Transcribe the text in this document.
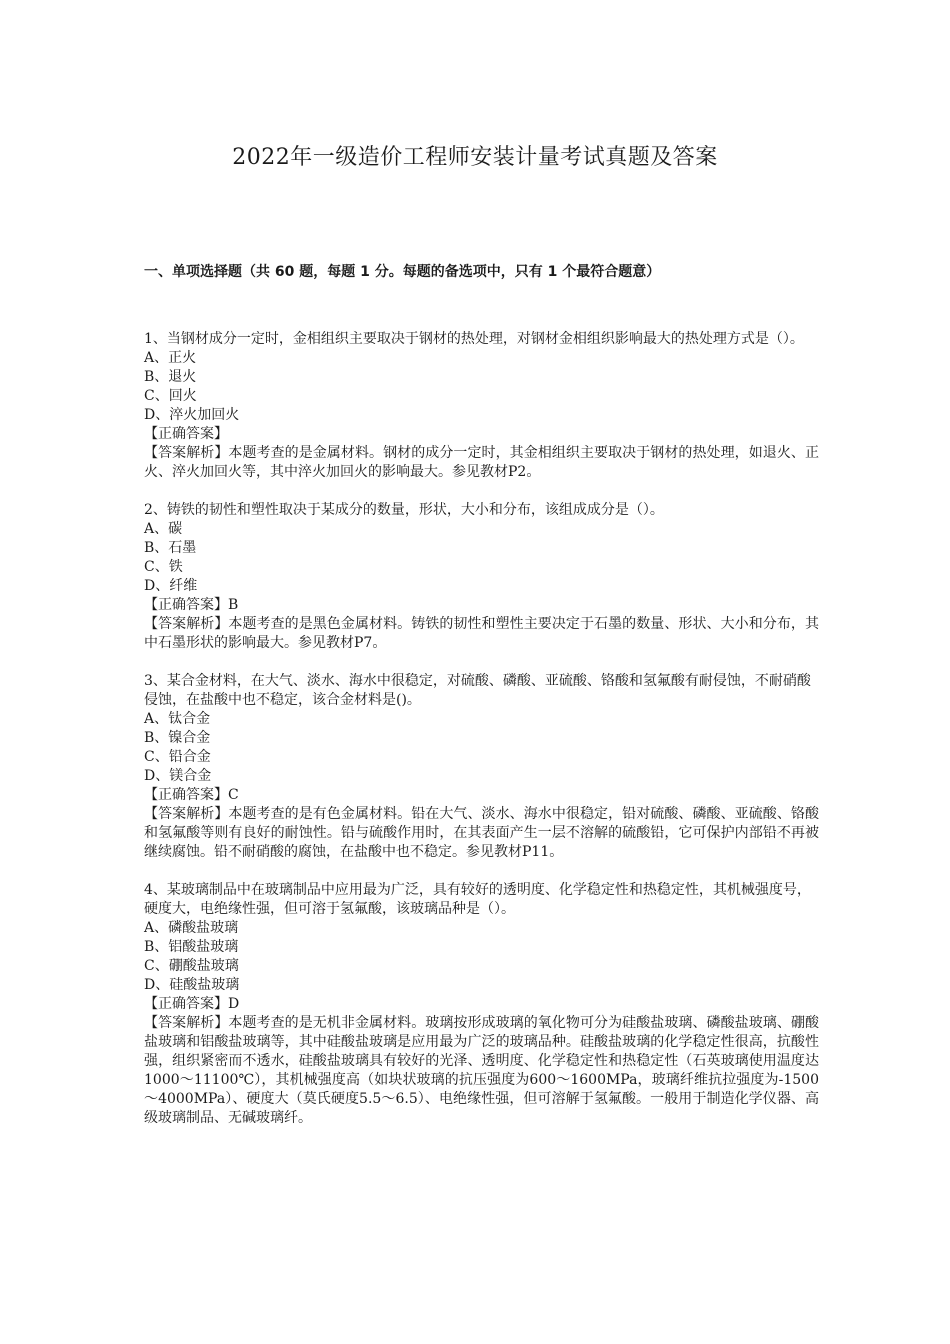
2022年一级造价工程师安装计量考试真题及答案
一、单项选择题（共 60 题，每题 1 分。每题的备选项中，只有 1 个最符合题意）
1、当钢材成分一定时，金相组织主要取决于钢材的热处理，对钢材金相组织影响最大的热处理方式是（）。
A、正火
B、退火
C、回火
D、淬火加回火
【正确答案】
【答案解析】本题考查的是金属材料。钢材的成分一定时，其金相组织主要取决于钢材的热处理，如退火、正火、淬火加回火等，其中淬火加回火的影响最大。参见教材P2。
2、铸铁的韧性和塑性取决于某成分的数量，形状，大小和分布，该组成成分是（）。
A、碳
B、石墨
C、铁
D、纤维
【正确答案】B
【答案解析】本题考查的是黑色金属材料。铸铁的韧性和塑性主要决定于石墨的数量、形状、大小和分布，其中石墨形状的影响最大。参见教材P7。
3、某合金材料，在大气、淡水、海水中很稳定，对硫酸、磷酸、亚硫酸、铬酸和氢氟酸有耐侵蚀，不耐硝酸侵蚀，在盐酸中也不稳定，该合金材料是()。
A、钛合金
B、镍合金
C、铅合金
D、镁合金
【正确答案】C
【答案解析】本题考查的是有色金属材料。铅在大气、淡水、海水中很稳定，铅对硫酸、磷酸、亚硫酸、铬酸和氢氟酸等则有良好的耐蚀性。铅与硫酸作用时，在其表面产生一层不溶解的硫酸铅，它可保护内部铅不再被继续腐蚀。铅不耐硝酸的腐蚀，在盐酸中也不稳定。参见教材P11。
4、某玻璃制品中在玻璃制品中应用最为广泛，具有较好的透明度、化学稳定性和热稳定性，其机械强度号，硬度大，电绝缘性强，但可溶于氢氟酸，该玻璃品种是（）。
A、磷酸盐玻璃
B、铝酸盐玻璃
C、硼酸盐玻璃
D、硅酸盐玻璃
【正确答案】D
【答案解析】本题考查的是无机非金属材料。玻璃按形成玻璃的氧化物可分为硅酸盐玻璃、磷酸盐玻璃、硼酸盐玻璃和铝酸盐玻璃等，其中硅酸盐玻璃是应用最为广泛的玻璃品种。硅酸盐玻璃的化学稳定性很高，抗酸性强，组织紧密而不透水，硅酸盐玻璃具有较好的光泽、透明度、化学稳定性和热稳定性（石英玻璃使用温度达1000～11100℃），其机械强度高（如块状玻璃的抗压强度为600～1600MPa，玻璃纤维抗拉强度为-1500～4000MPa）、硬度大（莫氏硬度5.5～6.5）、电绝缘性强，但可溶解于氢氟酸。一般用于制造化学仪器、高级玻璃制品、无碱玻璃纤。
